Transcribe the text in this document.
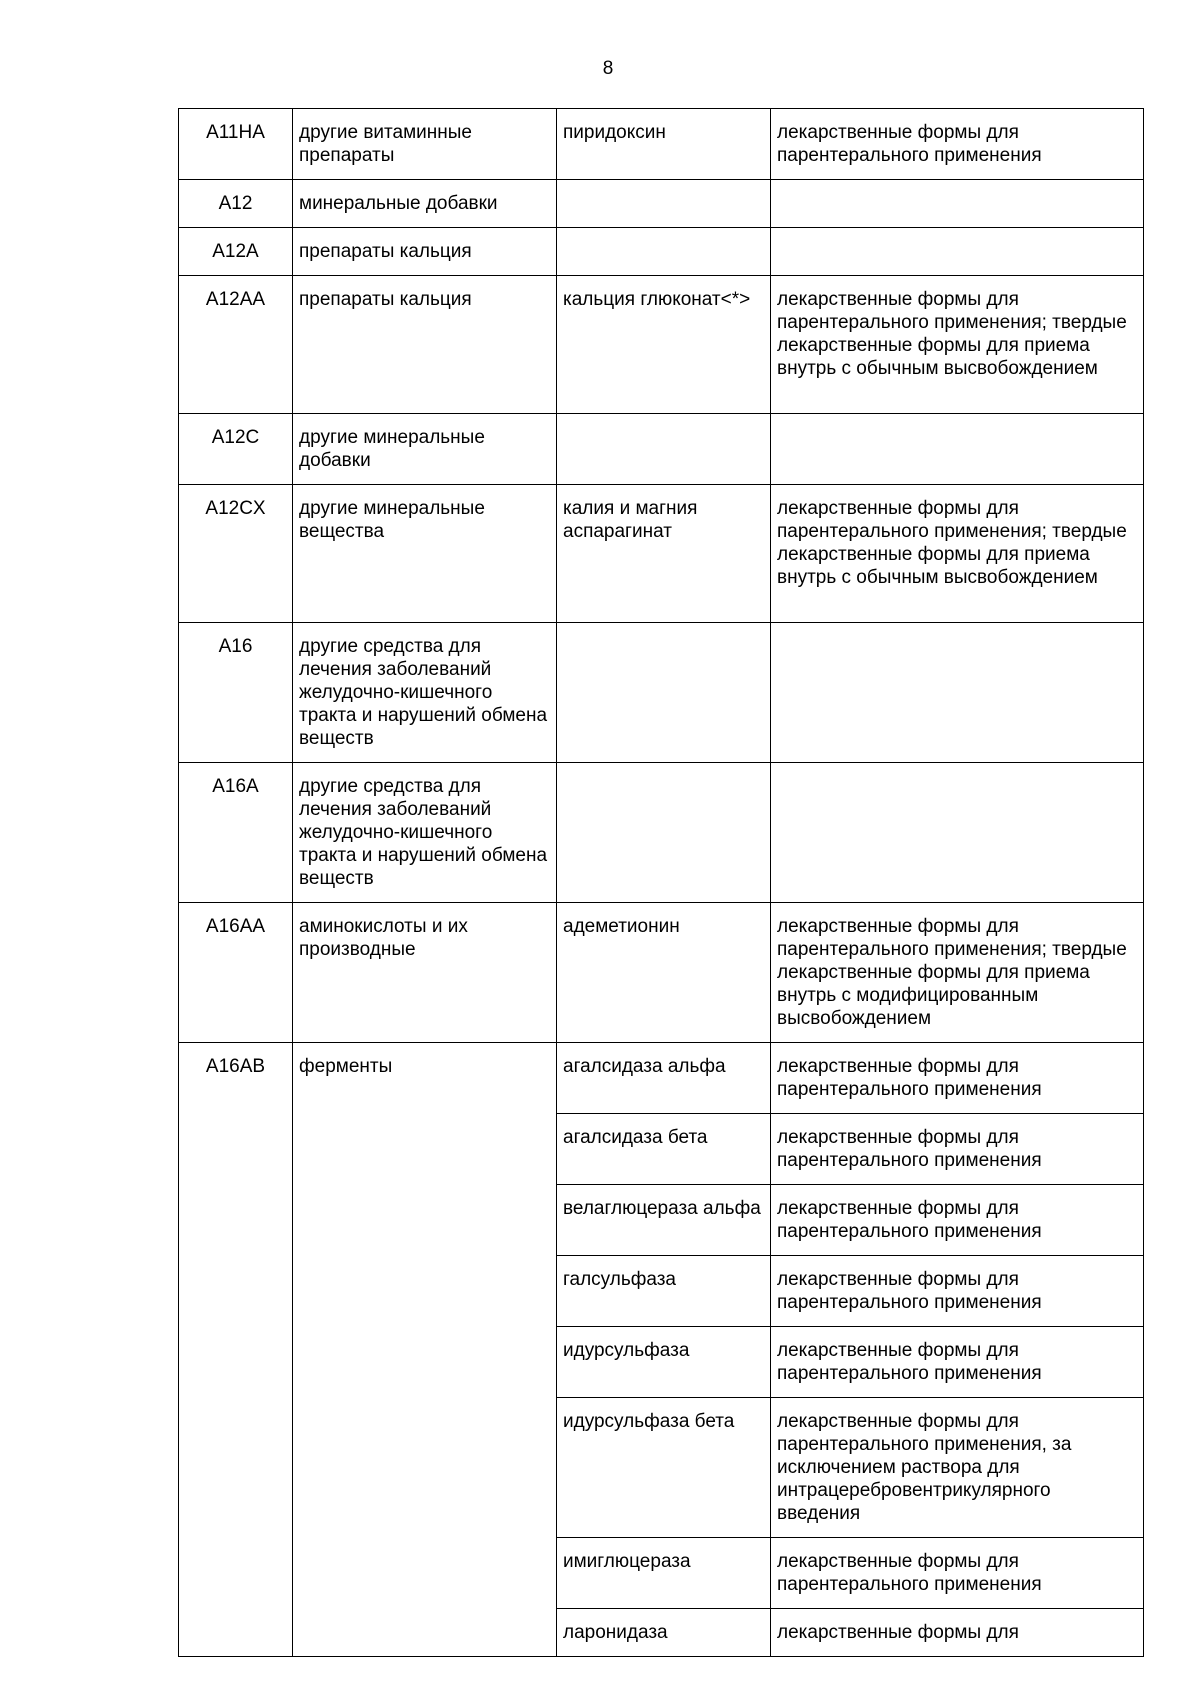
8
A11HA	другие витаминные препараты	пиридоксин	лекарственные формы для парентерального применения
A12	минеральные добавки		
A12A	препараты кальция		
A12AA	препараты кальция	кальция глюконат<*>	лекарственные формы для парентерального применения; твердые лекарственные формы для приема внутрь с обычным высвобождением
A12C	другие минеральные добавки		
A12CX	другие минеральные вещества	калия и магния аспарагинат	лекарственные формы для парентерального применения; твердые лекарственные формы для приема внутрь с обычным высвобождением
A16	другие средства для лечения заболеваний желудочно-кишечного тракта и нарушений обмена веществ		
A16A	другие средства для лечения заболеваний желудочно-кишечного тракта и нарушений обмена веществ		
A16AA	аминокислоты и их производные	адеметионин	лекарственные формы для парентерального применения; твердые лекарственные формы для приема внутрь с модифицированным высвобождением
A16AB	ферменты	агалсидаза альфа	лекарственные формы для парентерального применения
		агалсидаза бета	лекарственные формы для парентерального применения
		велаглюцераза альфа	лекарственные формы для парентерального применения
		галсульфаза	лекарственные формы для парентерального применения
		идурсульфаза	лекарственные формы для парентерального применения
		идурсульфаза бета	лекарственные формы для парентерального применения, за исключением раствора для интрацеребровентрикулярного введения
		имиглюцераза	лекарственные формы для парентерального применения
		ларонидаза	лекарственные формы для
